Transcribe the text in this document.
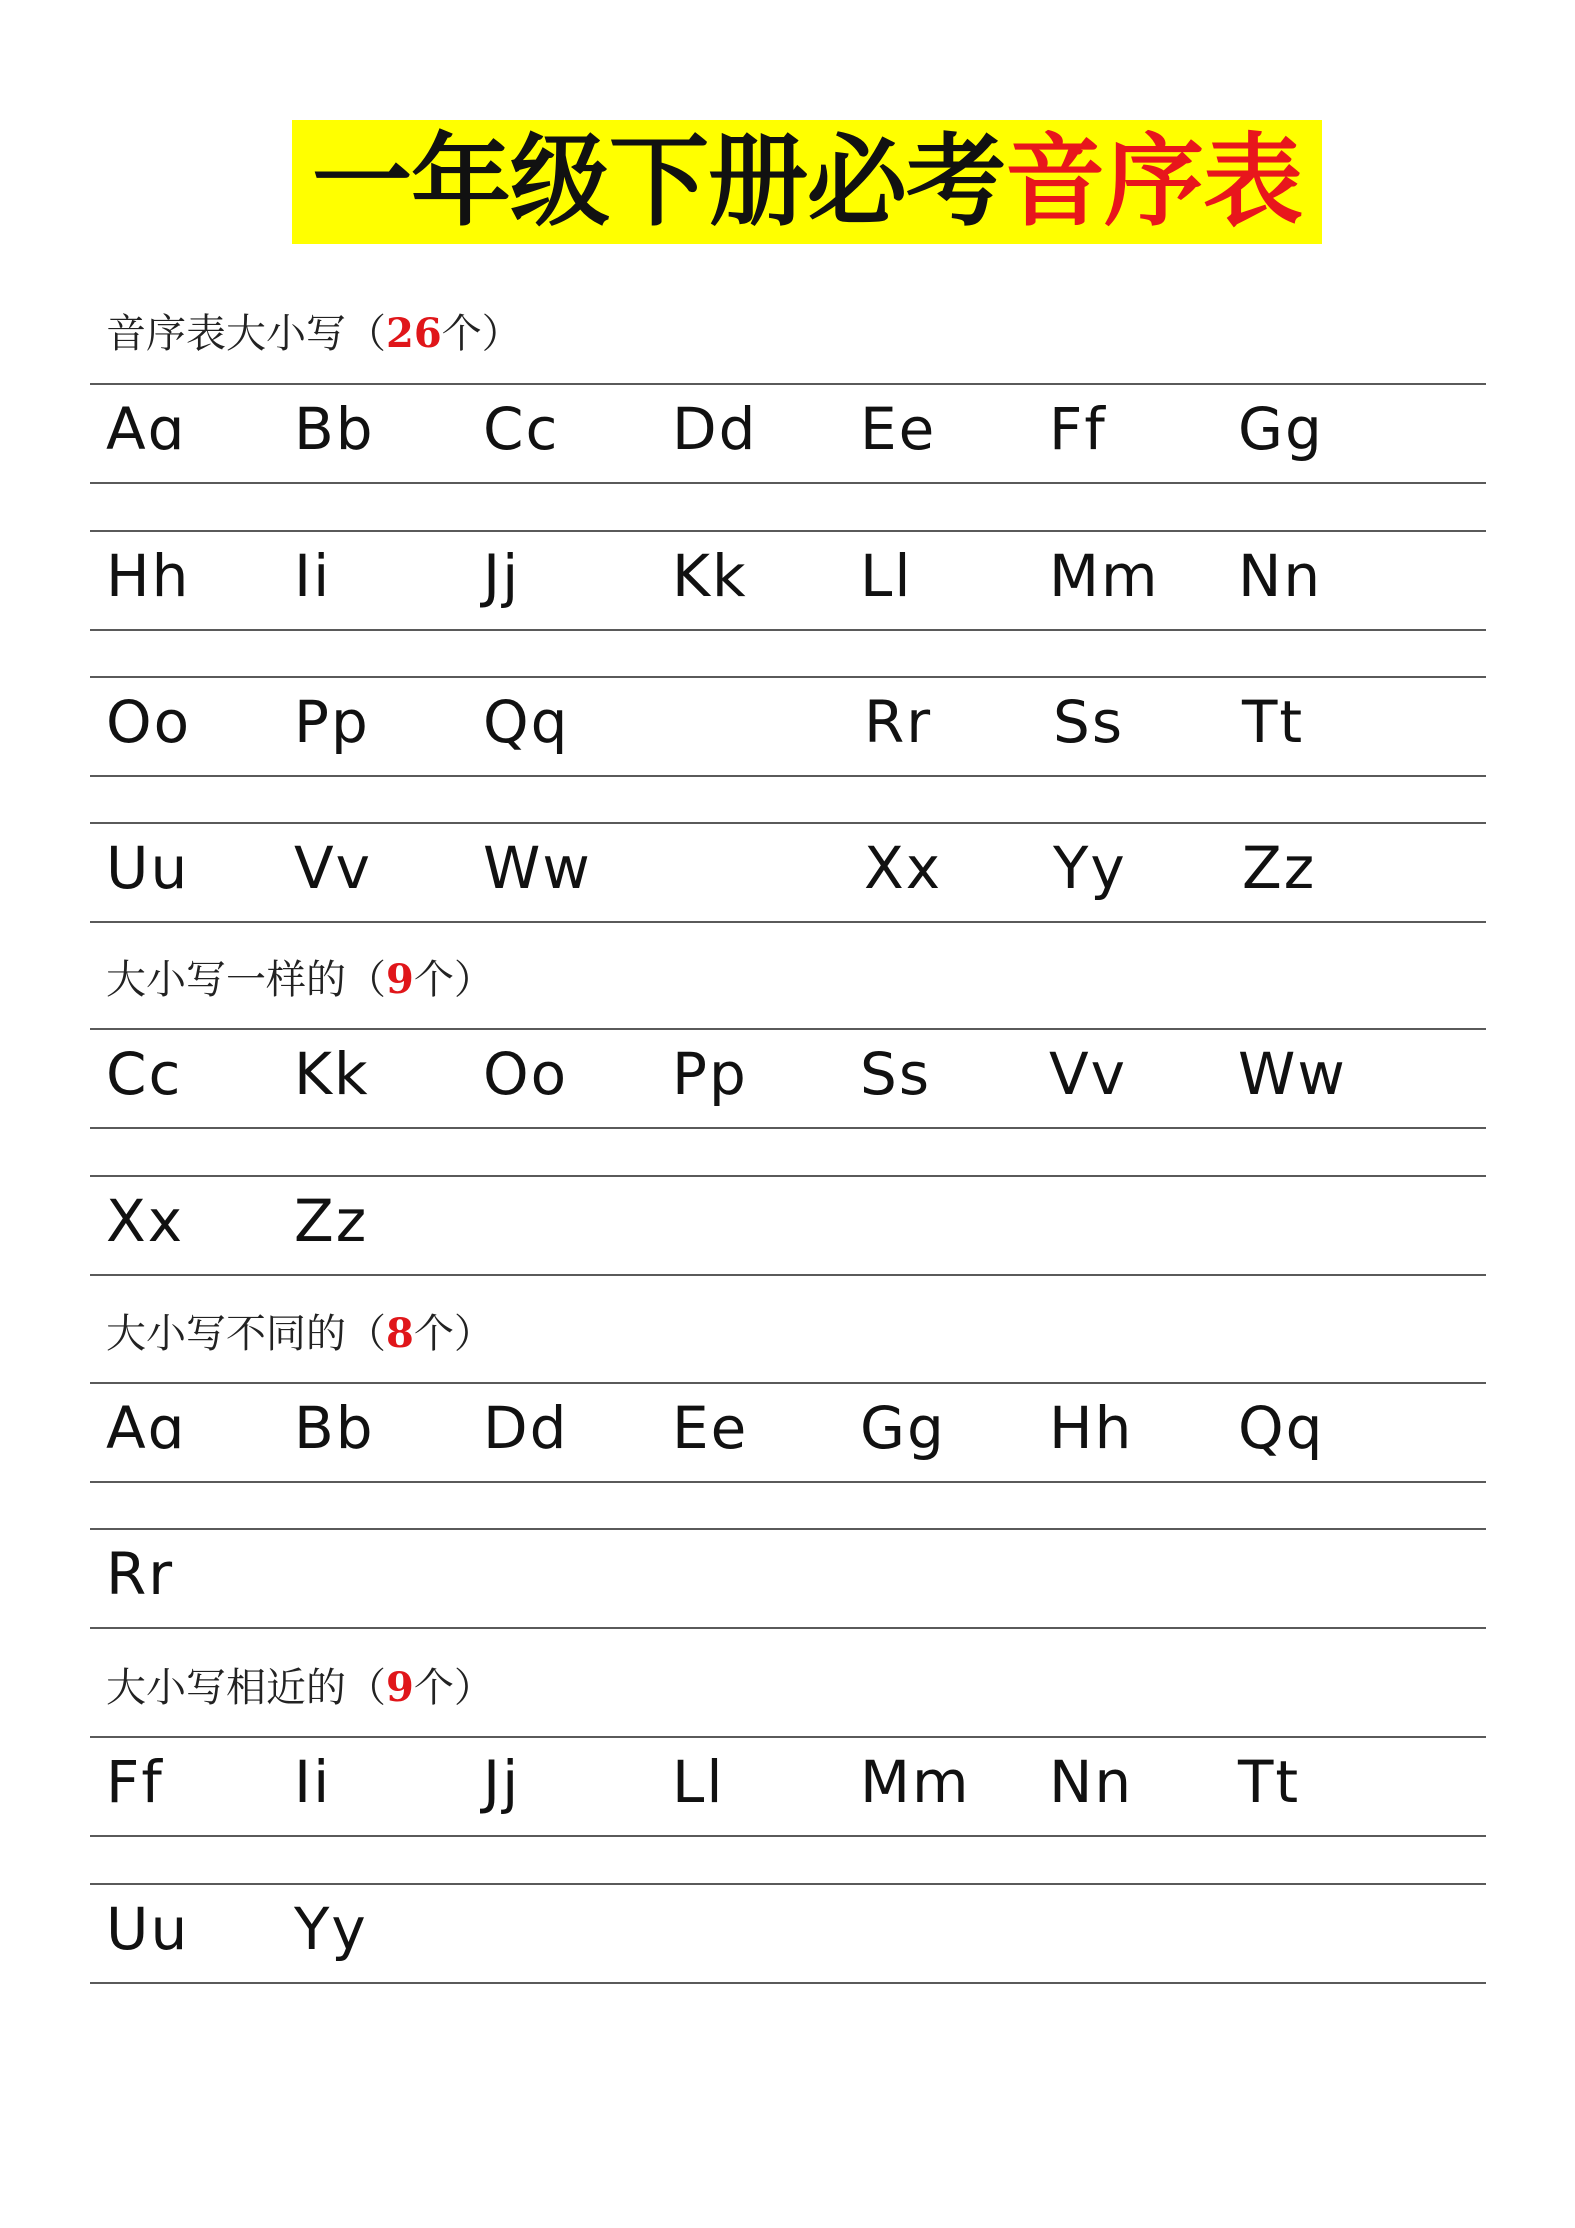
一年级下册必考音序表
音序表大小写（26个）
Aɑ Bb Cc Dd Ee Ff Gg
Hh Ii	Jj	Kk Ll Mm Nn
Oo Pp Qq	Rr Ss Tt
Uu Vv Ww	Xx Yy Zz
大小写一样的（9个）
Cc Kk Oo Pp Ss Vv Ww
Xx Zz
大小写不同的（8个）
Aɑ Bb Dd Ee Gg Hh Qq
Rr
大小写相近的（9个）
Ff Ii	Jj	Ll Mm Nn Tt
Uu Yy
